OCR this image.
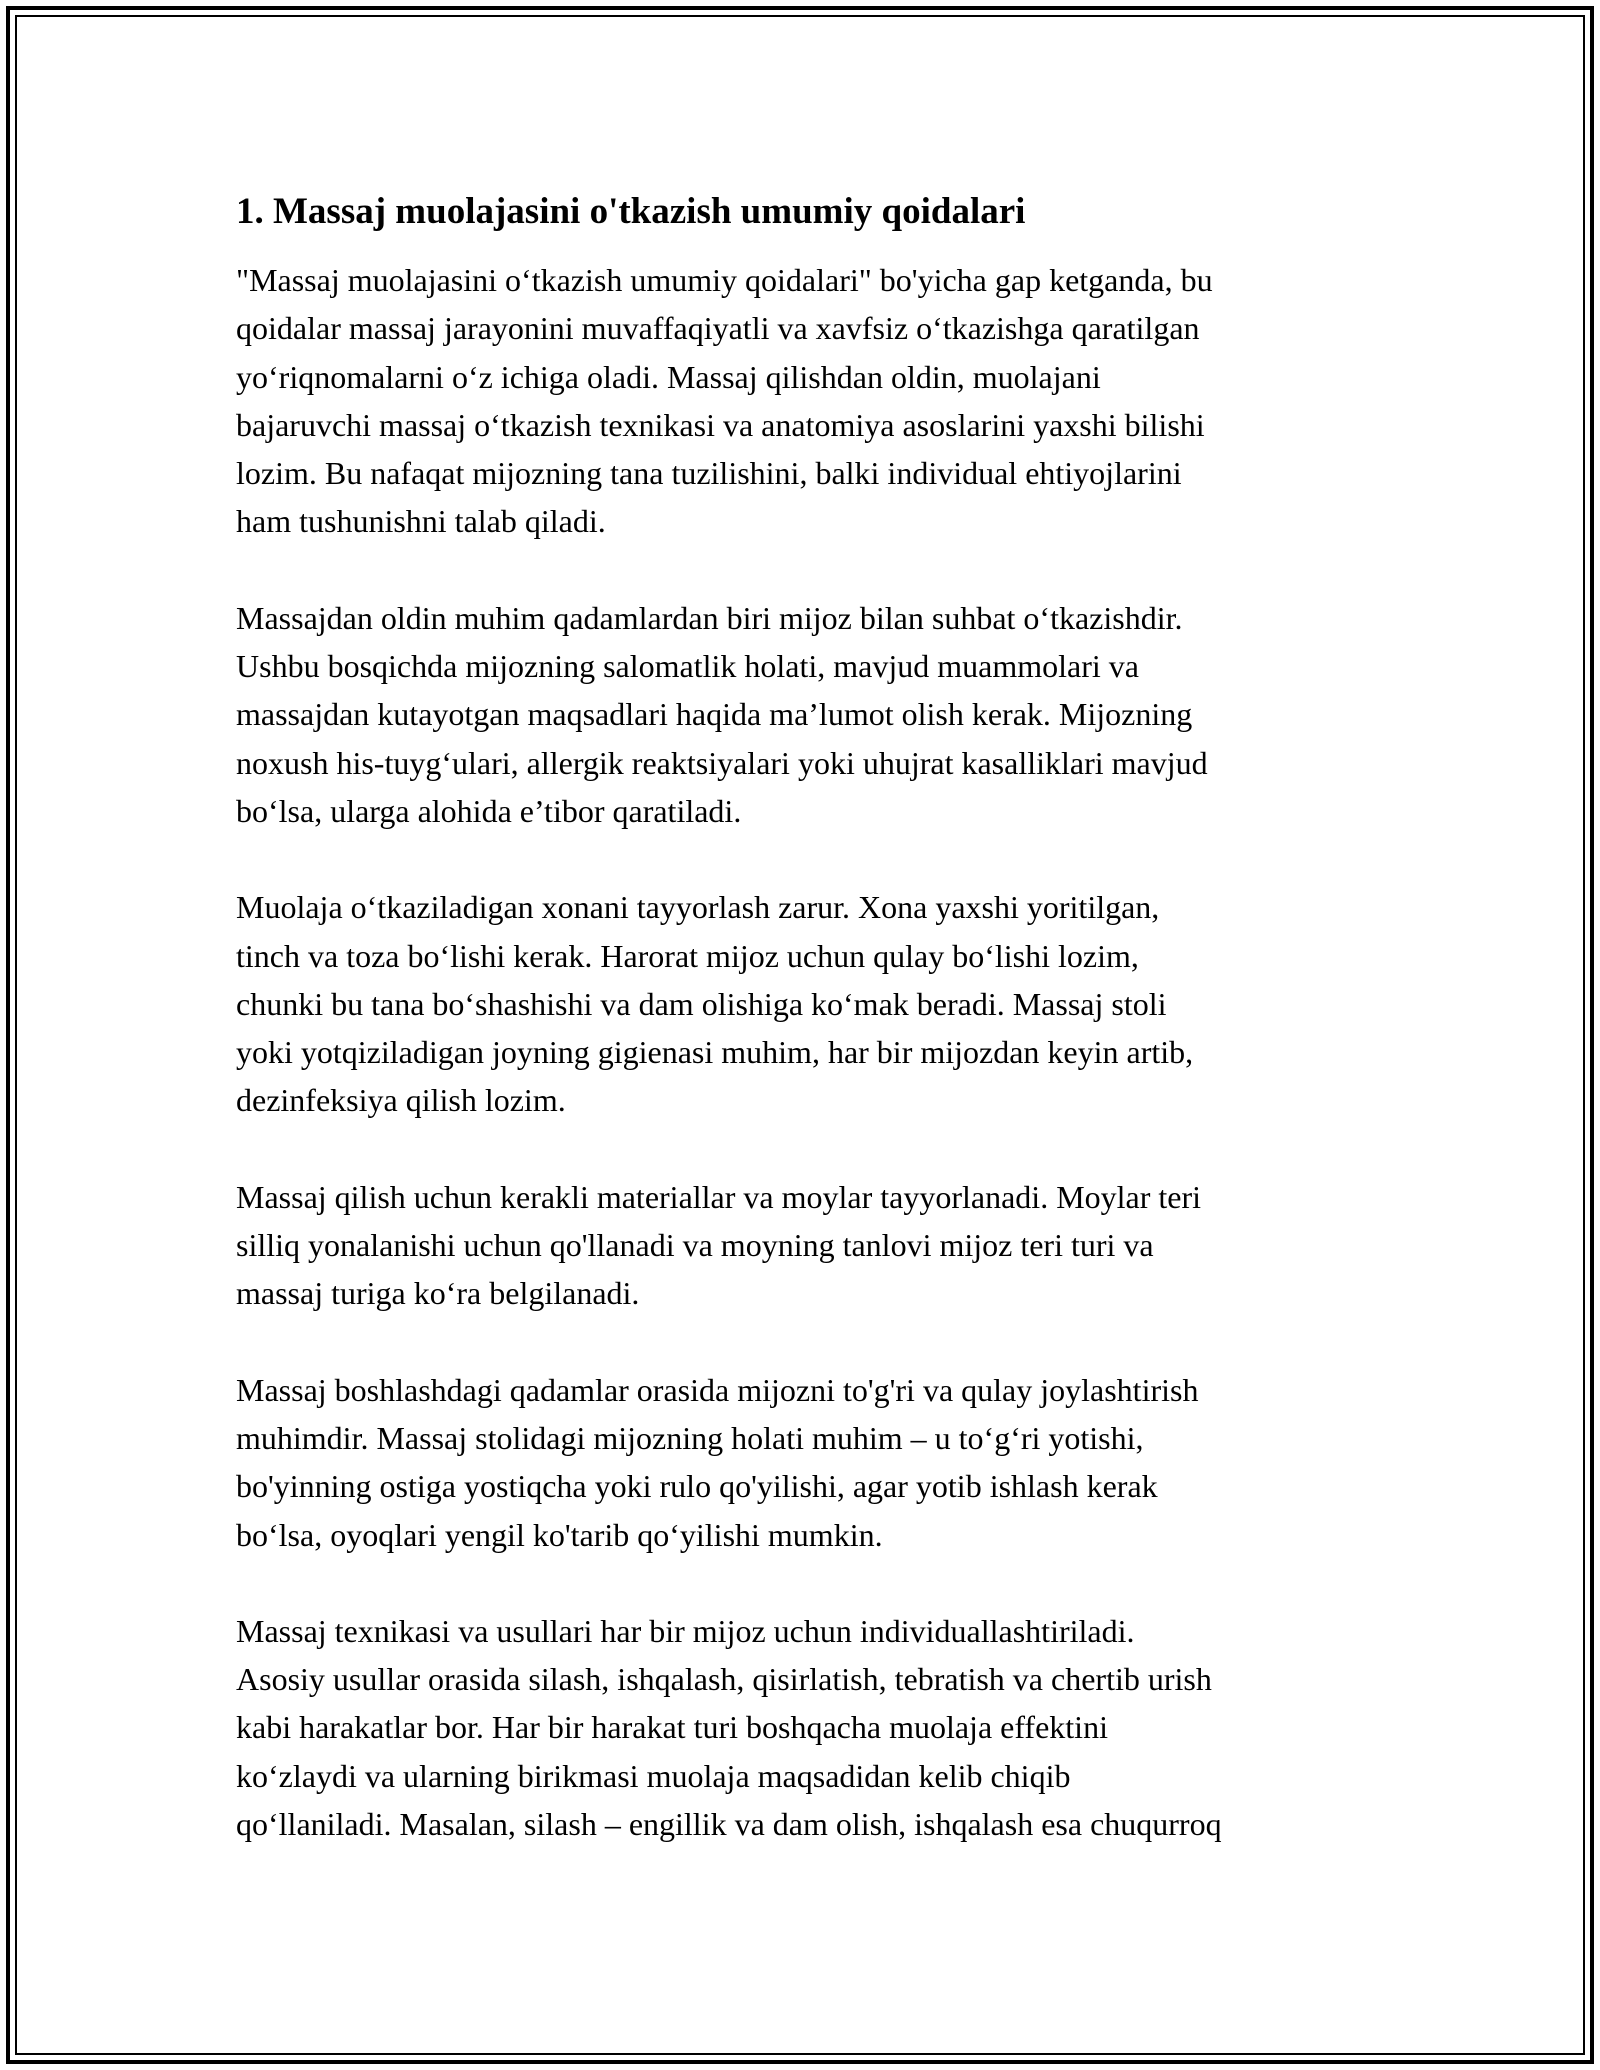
1. Massaj muolajasini o'tkazish umumiy qoidalari
"Massaj muolajasini o‘tkazish umumiy qoidalari" bo'yicha gap ketganda, bu
qoidalar massaj jarayonini muvaffaqiyatli va xavfsiz o‘tkazishga qaratilgan
yo‘riqnomalarni o‘z ichiga oladi. Massaj qilishdan oldin, muolajani
bajaruvchi massaj o‘tkazish texnikasi va anatomiya asoslarini yaxshi bilishi
lozim. Bu nafaqat mijozning tana tuzilishini, balki individual ehtiyojlarini
ham tushunishni talab qiladi.
Massajdan oldin muhim qadamlardan biri mijoz bilan suhbat o‘tkazishdir.
Ushbu bosqichda mijozning salomatlik holati, mavjud muammolari va
massajdan kutayotgan maqsadlari haqida ma’lumot olish kerak. Mijozning
noxush his-tuyg‘ulari, allergik reaktsiyalari yoki uhujrat kasalliklari mavjud
bo‘lsa, ularga alohida e’tibor qaratiladi.
Muolaja o‘tkaziladigan xonani tayyorlash zarur. Xona yaxshi yoritilgan,
tinch va toza bo‘lishi kerak. Harorat mijoz uchun qulay bo‘lishi lozim,
chunki bu tana bo‘shashishi va dam olishiga ko‘mak beradi. Massaj stoli
yoki yotqiziladigan joyning gigienasi muhim, har bir mijozdan keyin artib,
dezinfeksiya qilish lozim.
Massaj qilish uchun kerakli materiallar va moylar tayyorlanadi. Moylar teri
silliq yonalanishi uchun qo'llanadi va moyning tanlovi mijoz teri turi va
massaj turiga ko‘ra belgilanadi.
Massaj boshlashdagi qadamlar orasida mijozni to'g'ri va qulay joylashtirish
muhimdir. Massaj stolidagi mijozning holati muhim – u to‘g‘ri yotishi,
bo'yinning ostiga yostiqcha yoki rulo qo'yilishi, agar yotib ishlash kerak
bo‘lsa, oyoqlari yengil ko'tarib qo‘yilishi mumkin.
Massaj texnikasi va usullari har bir mijoz uchun individuallashtiriladi.
Asosiy usullar orasida silash, ishqalash, qisirlatish, tebratish va chertib urish
kabi harakatlar bor. Har bir harakat turi boshqacha muolaja effektini
ko‘zlaydi va ularning birikmasi muolaja maqsadidan kelib chiqib
qo‘llaniladi. Masalan, silash – engillik va dam olish, ishqalash esa chuqurroq
